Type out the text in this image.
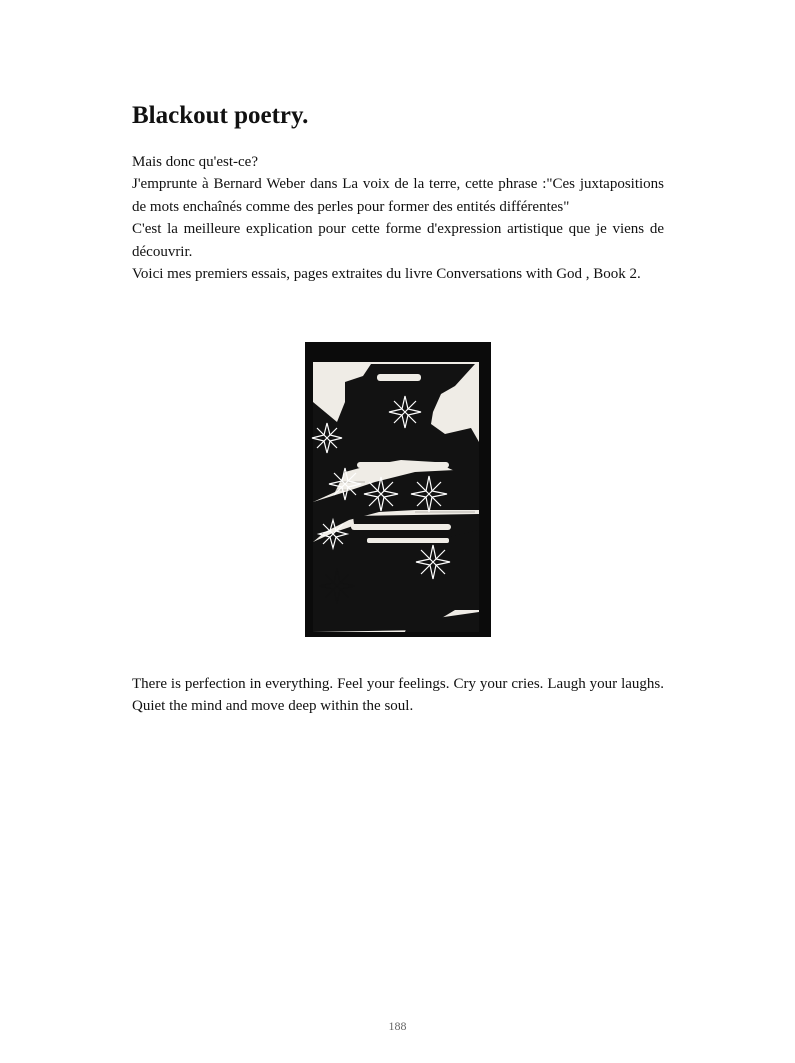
Blackout poetry.
Mais donc qu'est-ce?
J'emprunte à Bernard Weber dans La voix de la terre, cette phrase :"Ces juxtapositions de mots enchaînés comme des perles pour former des entités différentes"
C'est la meilleure explication pour cette forme d'expression artistique que je viens de découvrir.
Voici mes premiers essais, pages extraites du livre Conversations with God , Book 2.

There is perfection in everything. Feel your feelings. Cry your cries. Laugh your laughs. Quiet the mind and move deep within the soul.

188
